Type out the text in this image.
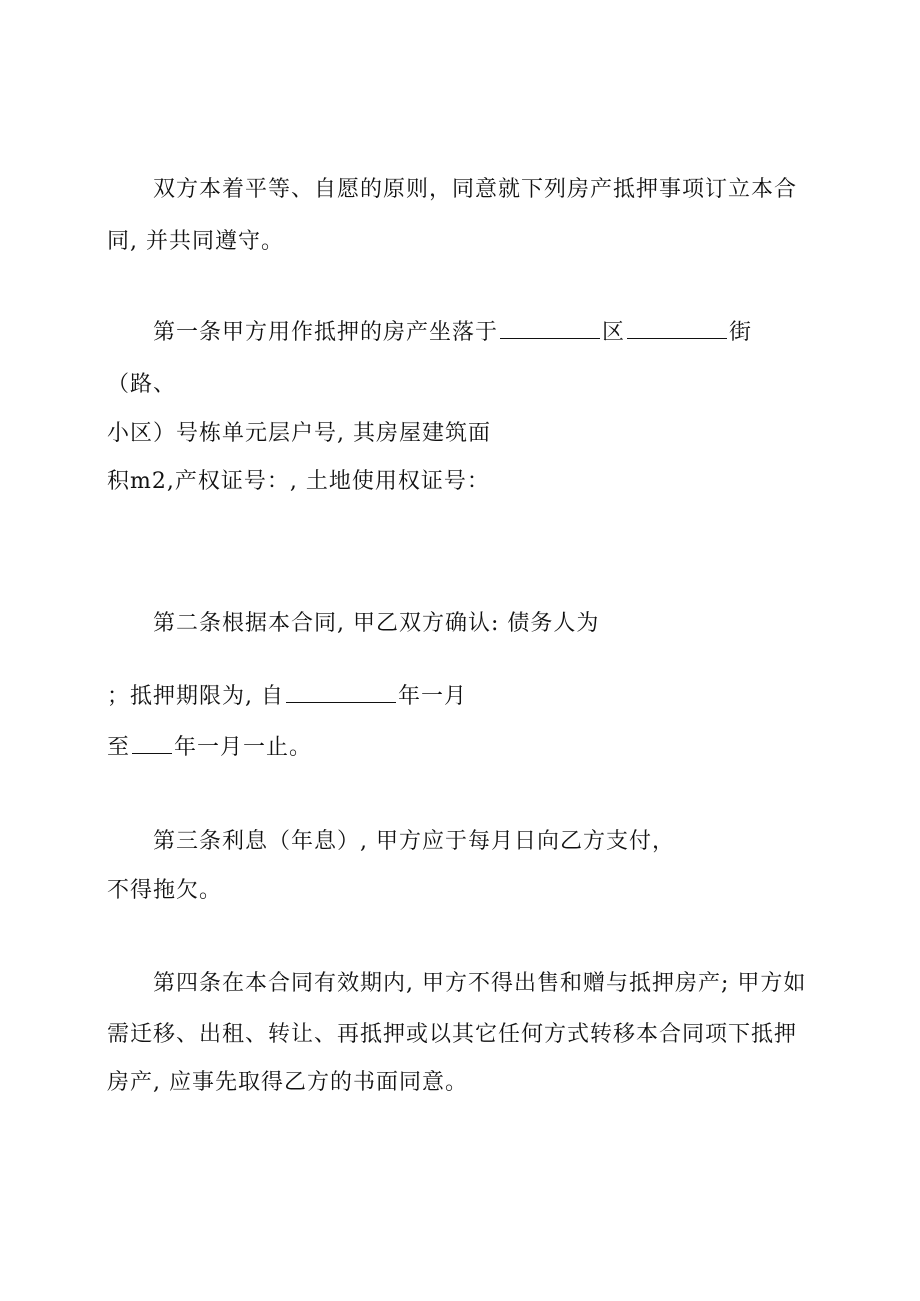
双方本着平等、自愿的原则，同意就下列房产抵押事项订立本合
同, 并共同遵守。
第一条甲方用作抵押的房产坐落于	区	街
（路、
小区）号栋单元层户号, 其房屋建筑面
积m2,产权证号：, 土地使用权证号：
第二条根据本合同, 甲乙双方确认: 债务人为
；抵押期限为, 自	年一月
至 年一月一止。
第三条利息（年息）, 甲方应于每月日向乙方支付，
不得拖欠。
第四条在本合同有效期内, 甲方不得出售和赠与抵押房产; 甲方如
需迁移、出租、转让、再抵押或以其它任何方式转移本合同项下抵押
房产, 应事先取得乙方的书面同意。
